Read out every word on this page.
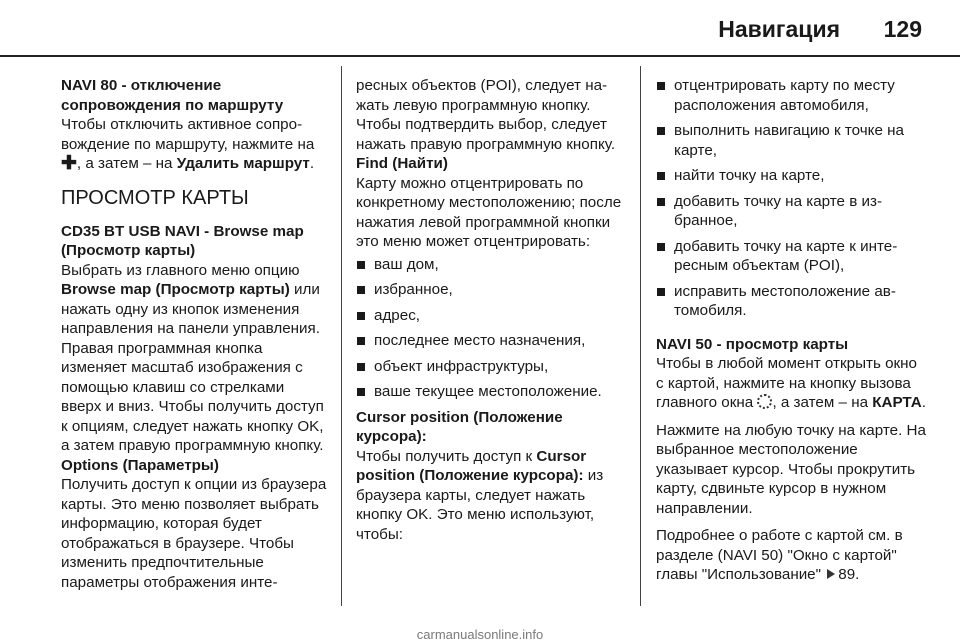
Навигация 129
NAVI 80 - отключение сопровождения по маршруту

Чтобы отключить активное сопровождение по маршруту, нажмите на ✚, а затем – на Удалить маршрут.

ПРОСМОТР КАРТЫ
CD35 BT USB NAVI - Browse map (Просмотр карты)

Выбрать из главного меню опцию Browse map (Просмотр карты) или нажать одну из кнопок изменения направления на панели управления. Правая программная кнопка изменяет масштаб изображения с помощью клавиш со стрелками вверх и вниз. Чтобы получить доступ к опциям, следует нажать кнопку OK, а затем правую программную кнопку.

Options (Параметры)

Получить доступ к опции из браузера карты. Это меню позволяет выбрать информацию, которая будет отображаться в браузере. Чтобы изменить предпочтительные параметры отображения инте-

ресных объектов (POI), следует нажать левую программную кнопку. Чтобы подтвердить выбор, следует нажать правую программную кнопку.

Find (Найти)

Карту можно отцентрировать по конкретному местоположению; после нажатия левой программной кнопки это меню может отцентрировать:

ваш дом,
избранное,
адрес,
последнее место назначения,
объект инфраструктуры,
ваше текущее местоположение.
Cursor position (Положение курсора):

Чтобы получить доступ к Cursor position (Положение курсора): из браузера карты, следует нажать кнопку OK. Это меню используют, чтобы:

отцентрировать карту по месту расположения автомобиля,
выполнить навигацию к точке на карте,
найти точку на карте,
добавить точку на карте в избранное,
добавить точку на карте к интересным объектам (POI),
исправить местоположение автомобиля.
NAVI 50 - просмотр карты

Чтобы в любой момент открыть окно с картой, нажмите на кнопку вызова главного окна , а затем – на КАРТА.

Нажмите на любую точку на карте. На выбранное местоположение указывает курсор. Чтобы прокрутить карту, сдвиньте курсор в нужном направлении.

Подробнее о работе с картой см. в разделе (NAVI 50) "Окно с картой" главы "Использование" 89.

carmanualsonline.info
